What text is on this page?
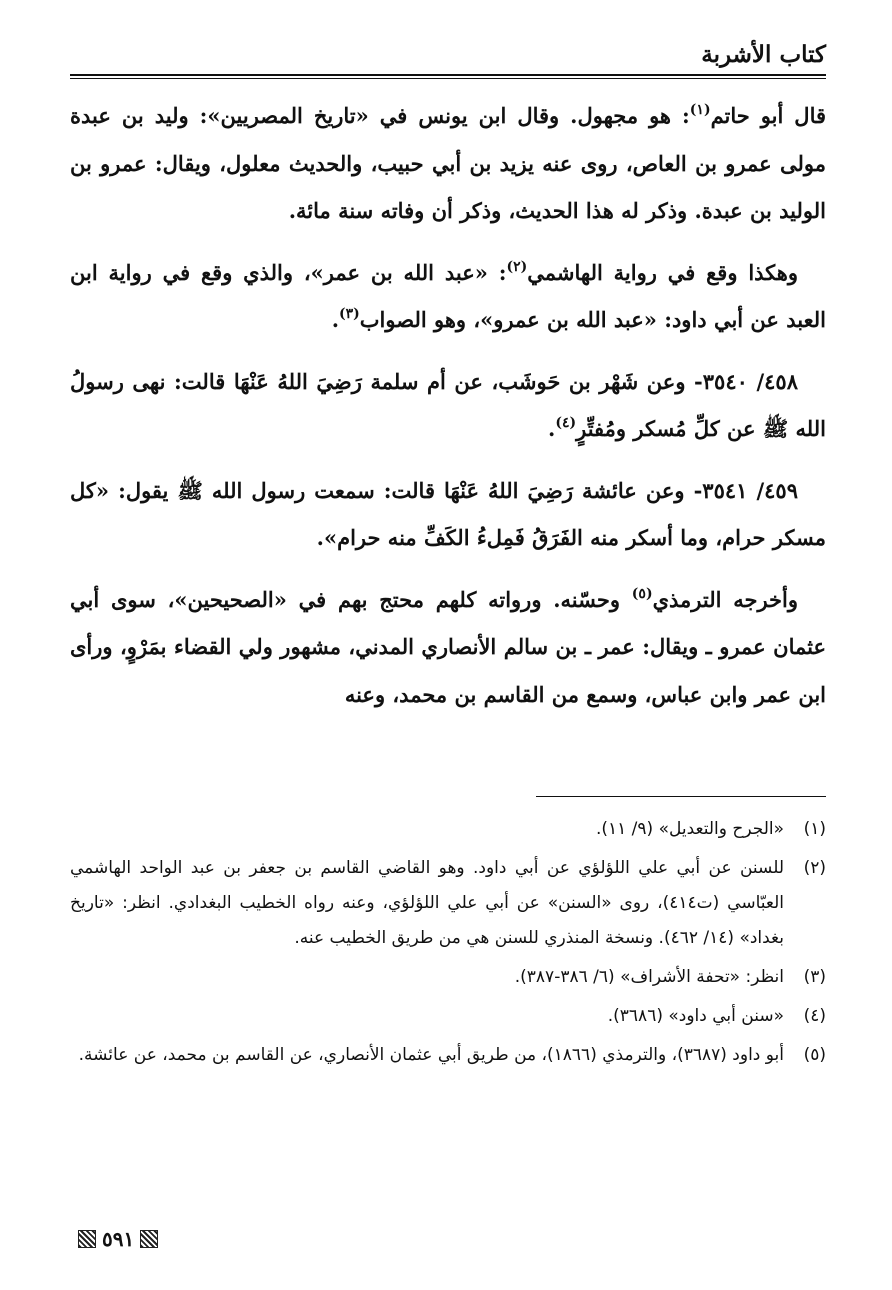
كتاب الأشربة

قال أبو حاتم$^{(١)}$: هو مجهول. وقال ابن يونس في «تاريخ المصريين»: وليد بن عبدة مولى عمرو بن العاص، روى عنه يزيد بن أبي حبيب، والحديث معلول، ويقال: عمرو بن الوليد بن عبدة. وذكر له هذا الحديث، وذكر أن وفاته سنة مائة.

وهكذا وقع في رواية الهاشمي$^{(٢)}$: «عبد الله بن عمر»، والذي وقع في رواية ابن العبد عن أبي داود: «عبد الله بن عمرو»، وهو الصواب$^{(٣)}$.

٤٥٨/ ٣٥٤٠- وعن شَهْر بن حَوشَب، عن أم سلمة رَضِيَ اللهُ عَنْهَا قالت: نهى رسولُ الله ﷺ عن كلِّ مُسكر ومُفتِّرٍ$^{(٤)}$.

٤٥٩/ ٣٥٤١- وعن عائشة رَضِيَ اللهُ عَنْهَا قالت: سمعت رسول الله ﷺ يقول: «كل مسكر حرام، وما أسكر منه الفَرَقُ فَمِلءُ الكَفِّ منه حرام».

وأخرجه الترمذي$^{(٥)}$ وحسّنه. ورواته كلهم محتج بهم في «الصحيحين»، سوى أبي عثمان عمرو ـ ويقال: عمر ـ بن سالم الأنصاري المدني، مشهور ولي القضاء بمَرْوٍ، ورأى ابن عمر وابن عباس، وسمع من القاسم بن محمد، وعنه

(١)
«الجرح والتعديل» (٩/ ١١).
(٢)
للسنن عن أبي علي اللؤلؤي عن أبي داود. وهو القاضي القاسم بن جعفر بن عبد الواحد الهاشمي العبّاسي (ت٤١٤)، روى «السنن» عن أبي علي اللؤلؤي، وعنه رواه الخطيب البغدادي. انظر: «تاريخ بغداد» (١٤/ ٤٦٢). ونسخة المنذري للسنن هي من طريق الخطيب عنه.
(٣)
انظر: «تحفة الأشراف» (٦/ ٣٨٦-٣٨٧).
(٤)
«سنن أبي داود» (٣٦٨٦).
(٥)
أبو داود (٣٦٨٧)، والترمذي (١٨٦٦)، من طريق أبي عثمان الأنصاري، عن القاسم بن محمد، عن عائشة.
٥٩١
